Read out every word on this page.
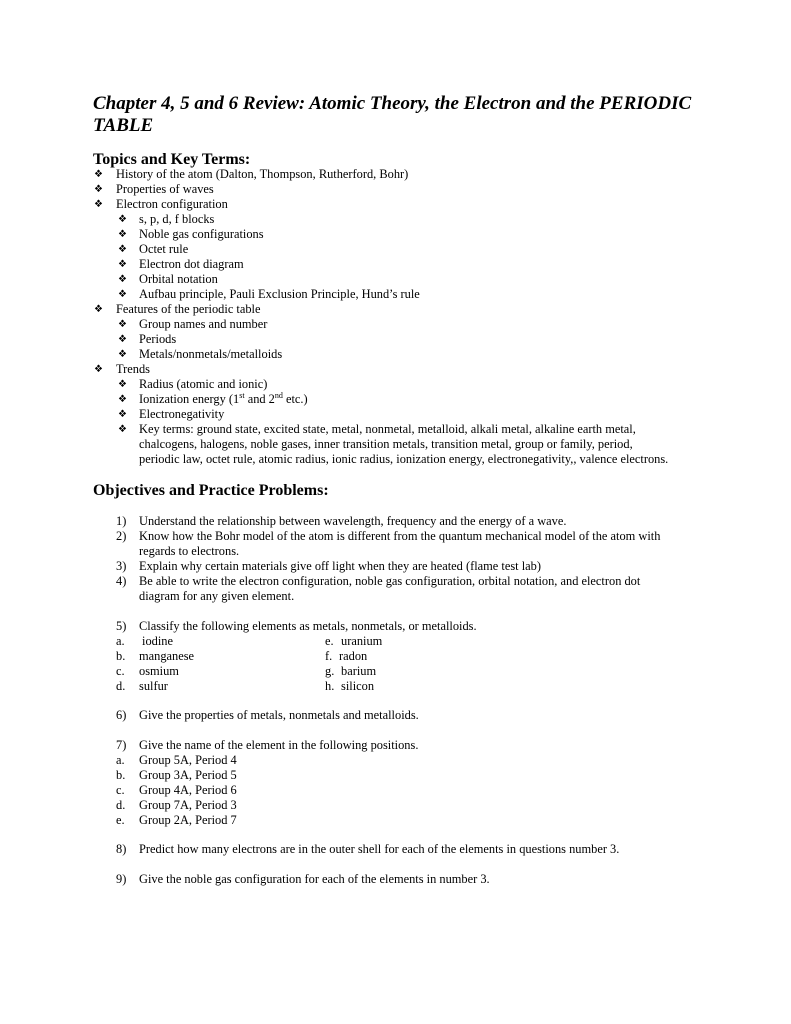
Chapter 4, 5 and 6 Review: Atomic Theory, the Electron and the PERIODIC TABLE
Topics and Key Terms:
❖ History of the atom (Dalton, Thompson, Rutherford, Bohr)
❖ Properties of waves
❖ Electron configuration
❖ s, p, d, f blocks
❖ Noble gas configurations
❖ Octet rule
❖ Electron dot diagram
❖ Orbital notation
❖ Aufbau principle, Pauli Exclusion Principle, Hund’s rule
❖ Features of the periodic table
❖ Group names and number
❖ Periods
❖ Metals/nonmetals/metalloids
❖ Trends
❖ Radius (atomic and ionic)
❖ Ionization energy (1st and 2nd etc.)
❖ Electronegativity
❖ Key terms: ground state, excited state, metal, nonmetal, metalloid, alkali metal, alkaline earth metal,
chalcogens, halogens, noble gases, inner transition metals, transition metal, group or family, period,
periodic law, octet rule, atomic radius, ionic radius, ionization energy, electronegativity,, valence electrons.
Objectives and Practice Problems:
1) Understand the relationship between wavelength, frequency and the energy of a wave.
2) Know how the Bohr model of the atom is different from the quantum mechanical model of the atom with
regards to electrons.
3) Explain why certain materials give off light when they are heated (flame test lab)
4) Be able to write the electron configuration, noble gas configuration, orbital notation, and electron dot
diagram for any given element.
5) Classify the following elements as metals, nonmetals, or metalloids.
a. iodine	e. uranium
b. manganese	f. radon
c. osmium	g. barium
d. sulfur	h. silicon
6) Give the properties of metals, nonmetals and metalloids.
7) Give the name of the element in the following positions.
a. Group 5A, Period 4
b. Group 3A, Period 5
c. Group 4A, Period 6
d. Group 7A, Period 3
e. Group 2A, Period 7
8) Predict how many electrons are in the outer shell for each of the elements in questions number 3.
9) Give the noble gas configuration for each of the elements in number 3.
